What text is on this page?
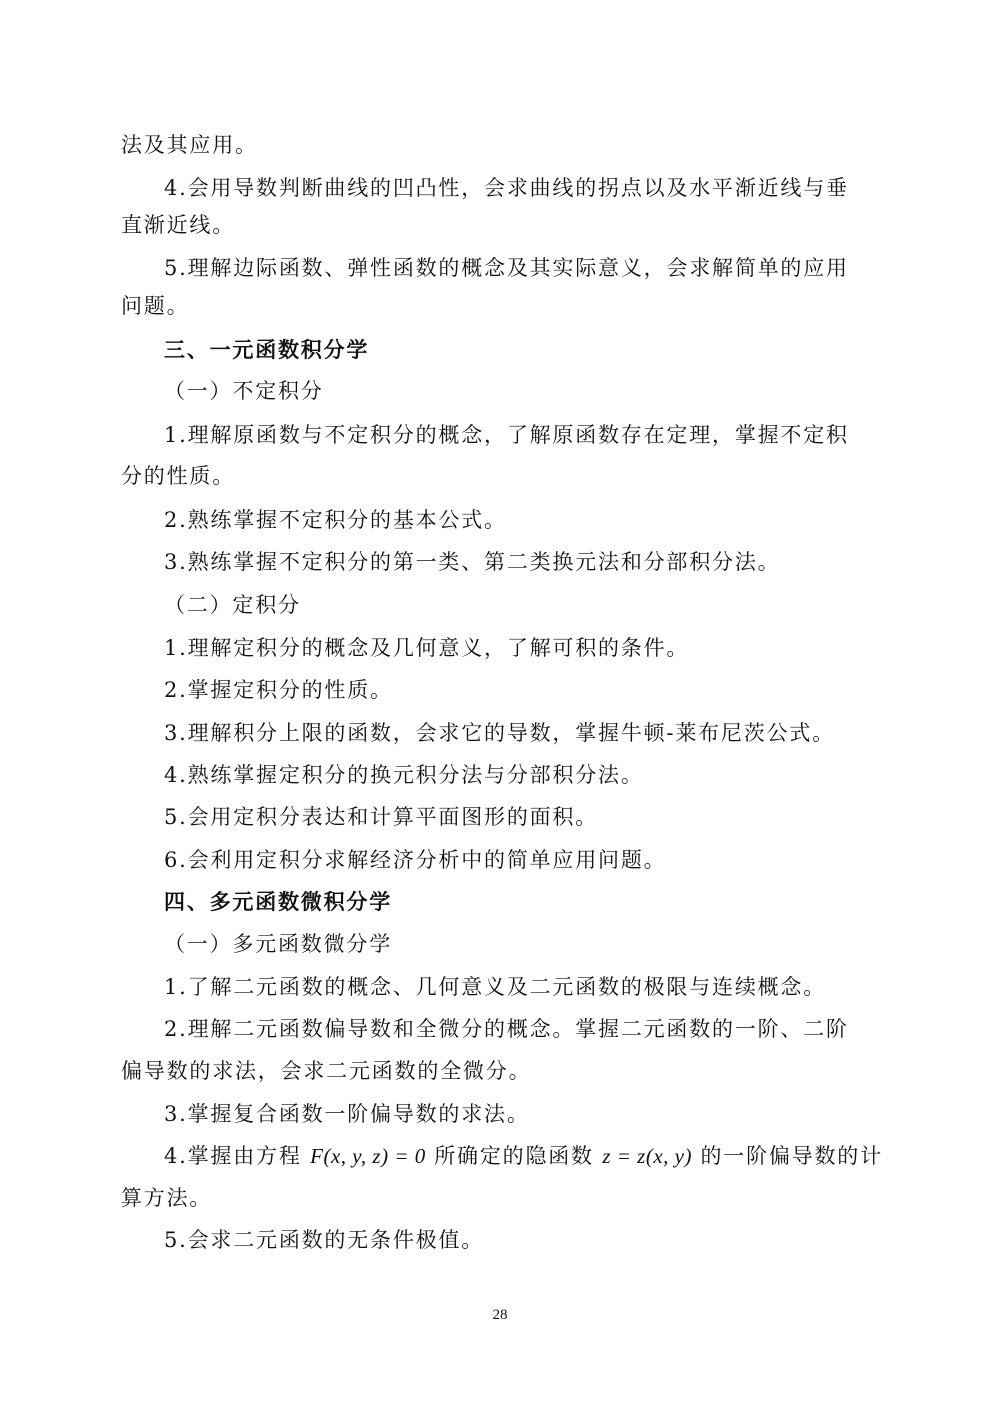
法及其应用。
4.会用导数判断曲线的凹凸性，会求曲线的拐点以及水平渐近线与垂
直渐近线。
5.理解边际函数、弹性函数的概念及其实际意义，会求解简单的应用
问题。
三、一元函数积分学
（一）不定积分
1.理解原函数与不定积分的概念，了解原函数存在定理，掌握不定积
分的性质。
2.熟练掌握不定积分的基本公式。
3.熟练掌握不定积分的第一类、第二类换元法和分部积分法。
（二）定积分
1.理解定积分的概念及几何意义，了解可积的条件。
2.掌握定积分的性质。
3.理解积分上限的函数，会求它的导数，掌握牛顿-莱布尼茨公式。
4.熟练掌握定积分的换元积分法与分部积分法。
5.会用定积分表达和计算平面图形的面积。
6.会利用定积分求解经济分析中的简单应用问题。
四、多元函数微积分学
（一）多元函数微分学
1.了解二元函数的概念、几何意义及二元函数的极限与连续概念。
2.理解二元函数偏导数和全微分的概念。掌握二元函数的一阶、二阶
偏导数的求法，会求二元函数的全微分。
3.掌握复合函数一阶偏导数的求法。
4.掌握由方程 F(x, y, z) = 0 所确定的隐函数 z = z(x, y) 的一阶偏导数的计
算方法。
5.会求二元函数的无条件极值。
28
